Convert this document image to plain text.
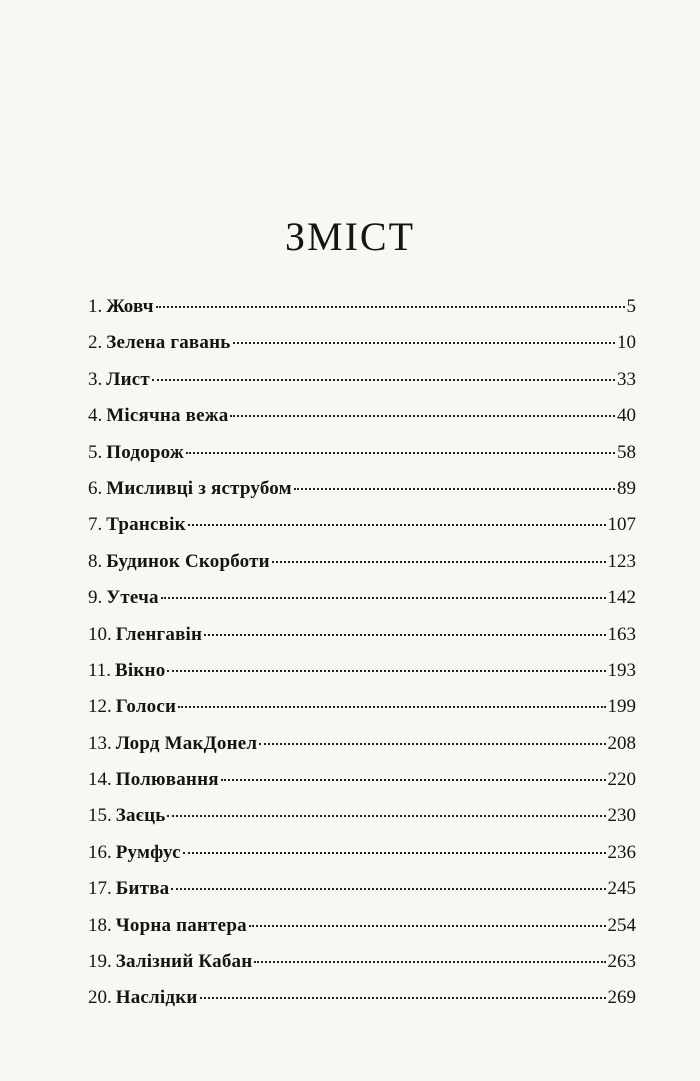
ЗМІСТ
1. Жовч	5
2. Зелена гавань	10
3. Лист	33
4. Місячна вежа	40
5. Подорож	58
6. Мисливці з яструбом	89
7. Трансвік	107
8. Будинок Скорботи	123
9. Утеча	142
10. Гленгавін	163
11. Вікно	193
12. Голоси	199
13. Лорд МакДонел	208
14. Полювання	220
15. Заєць	230
16. Румфус	236
17. Битва	245
18. Чорна пантера	254
19. Залізний Кабан	263
20. Наслідки	269
